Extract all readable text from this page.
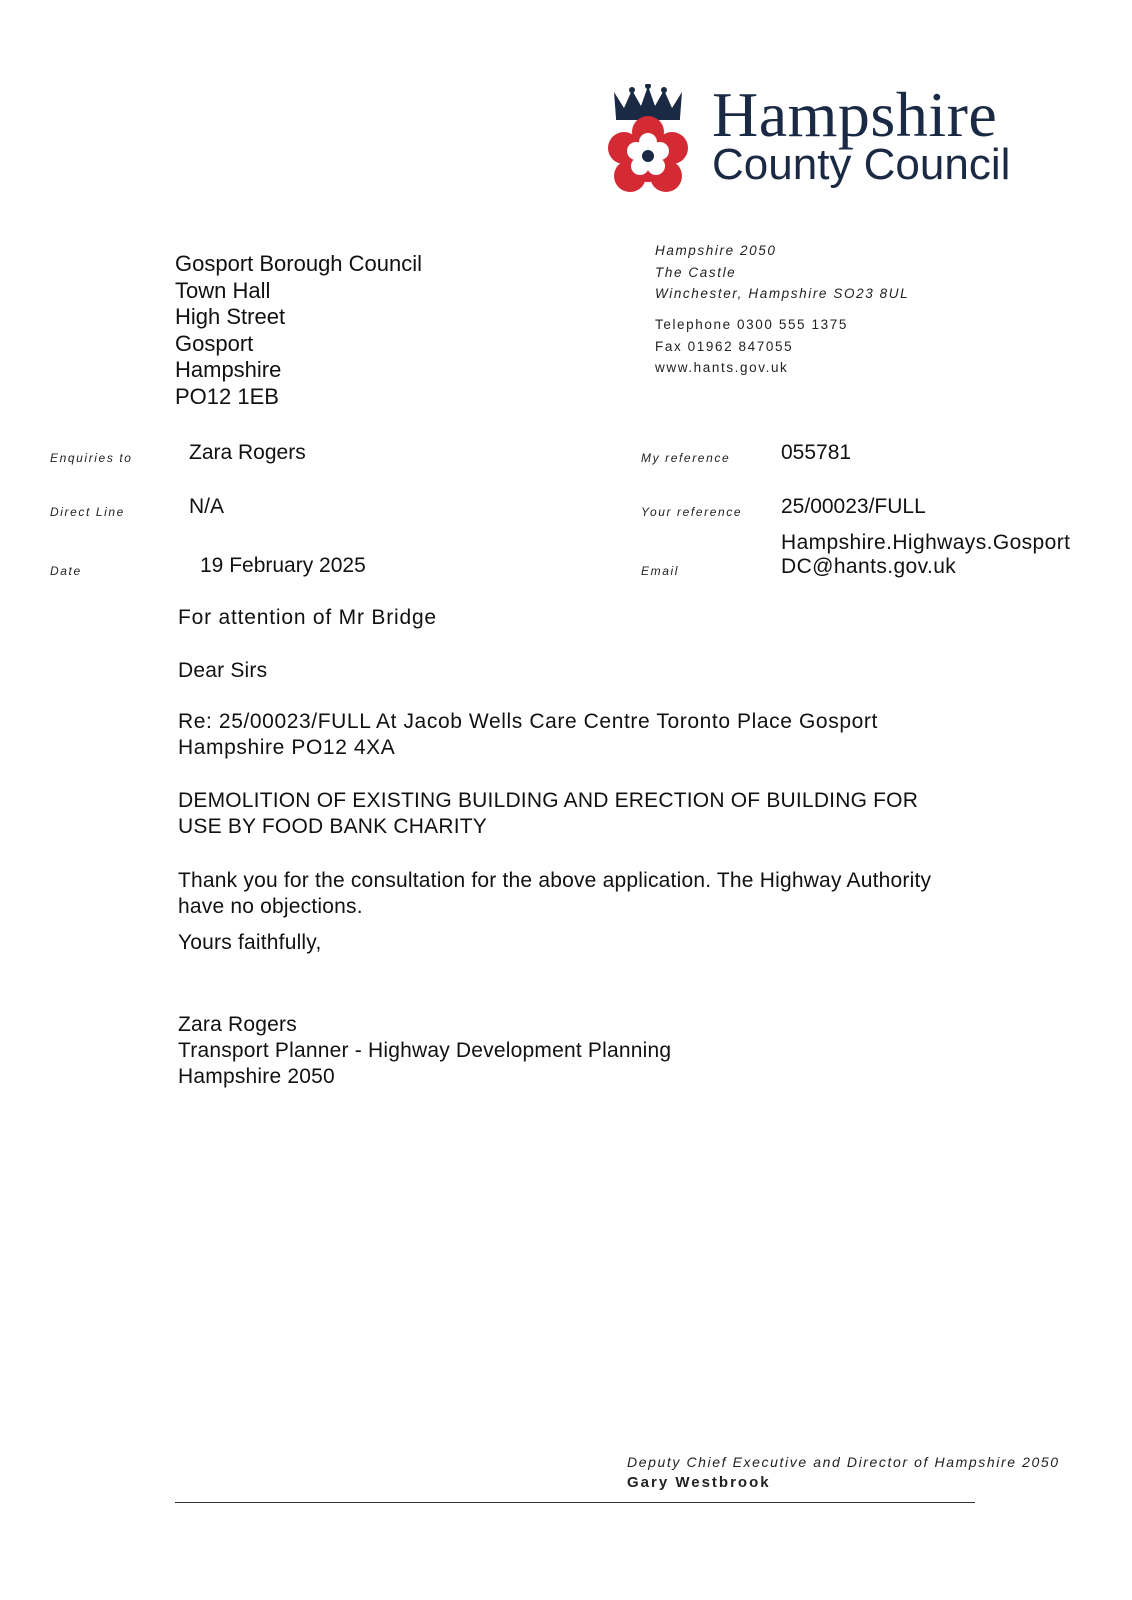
Hampshire
County Council
Hampshire 2050
The Castle
Winchester, Hampshire SO23 8UL
Telephone 0300 555 1375
Fax 01962 847055
www.hants.gov.uk
Gosport Borough Council
Town Hall
High Street
Gosport
Hampshire
PO12 1EB
Enquiries to	Zara Rogers
Direct Line	N/A
Date	19 February 2025
My reference 055781
Your reference 25/00023/FULL
Email
Hampshire.Highways.Gosport
DC@hants.gov.uk
For attention of Mr Bridge
Dear Sirs
Re: 25/00023/FULL At Jacob Wells Care Centre Toronto Place Gosport
Hampshire PO12 4XA
DEMOLITION OF EXISTING BUILDING AND ERECTION OF BUILDING FOR
USE BY FOOD BANK CHARITY
Thank you for the consultation for the above application. The Highway Authority
have no objections.
Yours faithfully,
Zara Rogers
Transport Planner - Highway Development Planning
Hampshire 2050
Deputy Chief Executive and Director of Hampshire 2050
Gary Westbrook
